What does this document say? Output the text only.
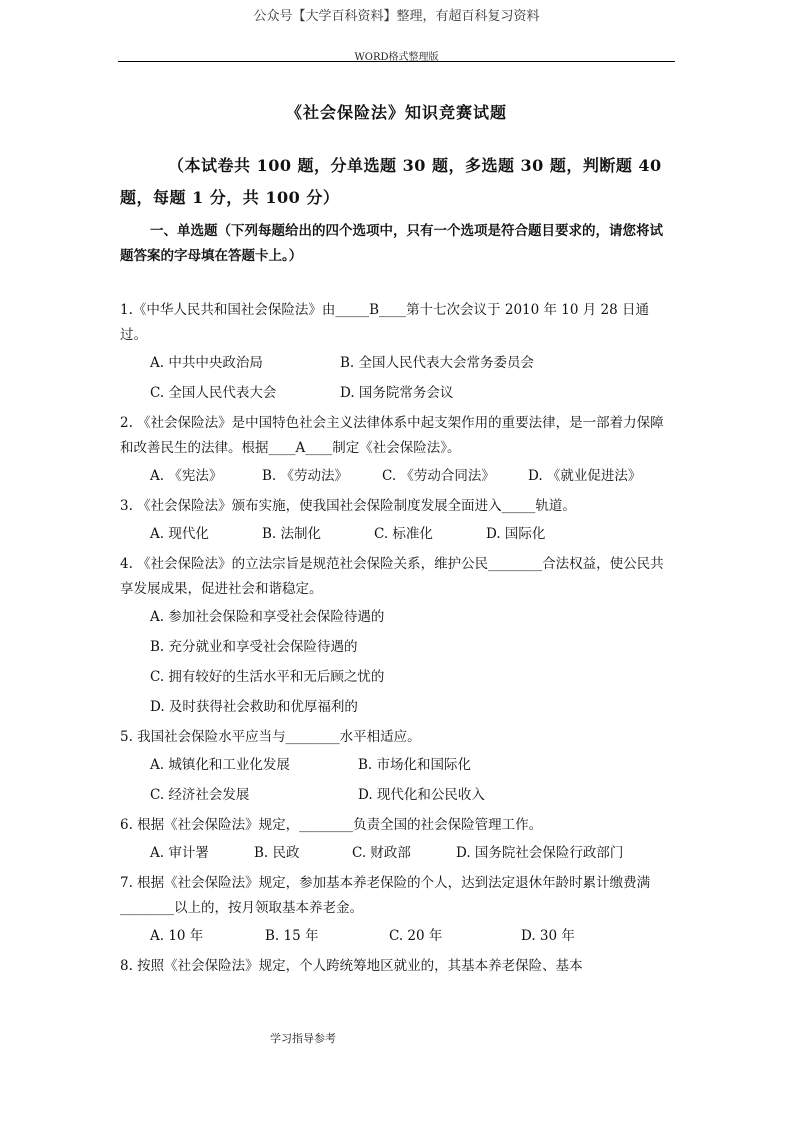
公众号【大学百科资料】整理，有超百科复习资料
WORD格式整理版
《社会保险法》知识竞赛试题
（本试卷共 100 题，分单选题 30 题，多选题 30 题，判断题 40 题，每题 1 分，共 100 分）
一、单选题（下列每题给出的四个选项中，只有一个选项是符合题目要求的，请您将试题答案的字母填在答题卡上。）
1.《中华人民共和国社会保险法》由_____B____第十七次会议于 2010 年 10 月 28 日通过。
A. 中共中央政治局	B. 全国人民代表大会常务委员会
C. 全国人民代表大会	D. 国务院常务会议
2. 《社会保险法》是中国特色社会主义法律体系中起支架作用的重要法律，是一部着力保障和改善民生的法律。根据____A____制定《社会保险法》。
A. 《宪法》	B. 《劳动法》	C. 《劳动合同法》 D. 《就业促进法》
3. 《社会保险法》颁布实施，使我国社会保险制度发展全面进入_____轨道。
A. 现代化	B. 法制化	C. 标准化	D. 国际化
4. 《社会保险法》的立法宗旨是规范社会保险关系，维护公民________合法权益，使公民共享发展成果，促进社会和谐稳定。
A. 参加社会保险和享受社会保险待遇的
B. 充分就业和享受社会保险待遇的
C. 拥有较好的生活水平和无后顾之忧的
D. 及时获得社会救助和优厚福利的
5. 我国社会保险水平应当与________水平相适应。
A. 城镇化和工业化发展	B. 市场化和国际化
C. 经济社会发展	D. 现代化和公民收入
6. 根据《社会保险法》规定，________负责全国的社会保险管理工作。
A. 审计署	B. 民政	C. 财政部	D. 国务院社会保险行政部门
7. 根据《社会保险法》规定，参加基本养老保险的个人，达到法定退休年龄时累计缴费满________以上的，按月领取基本养老金。
A. 10 年	B. 15 年	C. 20 年	D. 30 年
8. 按照《社会保险法》规定，个人跨统筹地区就业的，其基本养老保险、基本
学习指导参考
